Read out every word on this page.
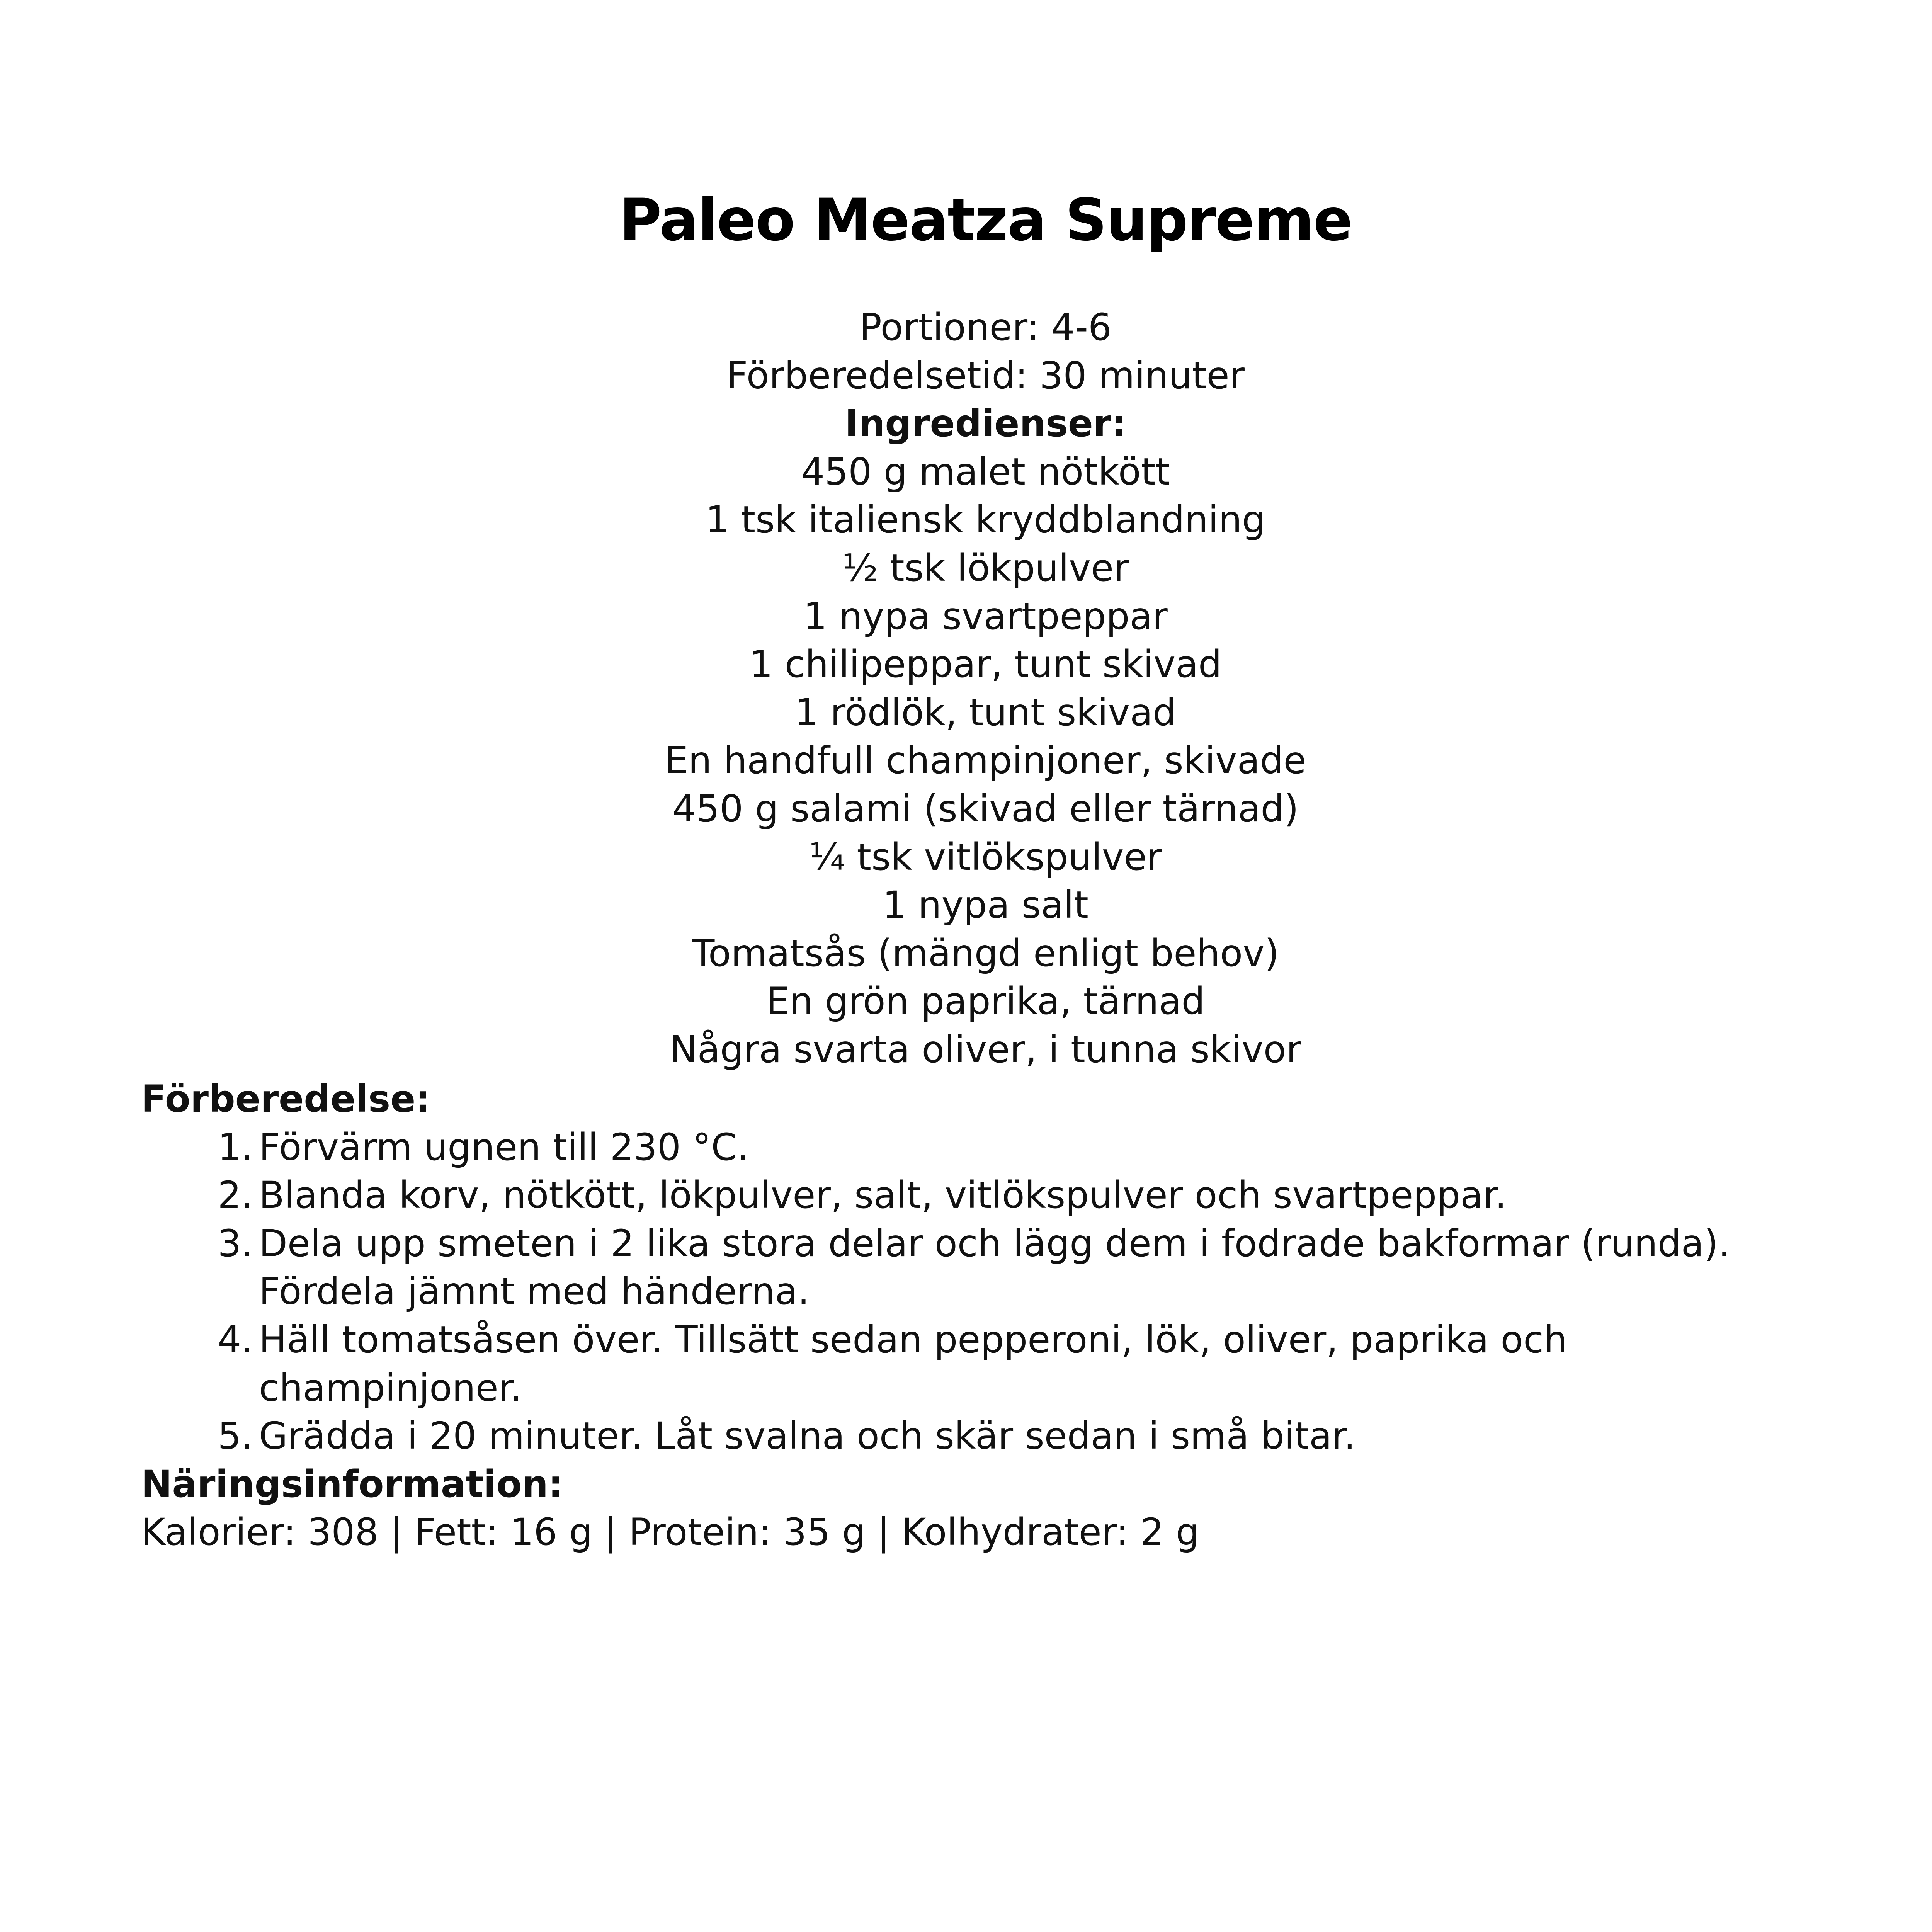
Paleo Meatza Supreme
Portioner: 4-6
Förberedelsetid: 30 minuter
Ingredienser:
450 g malet nötkött
1 tsk italiensk kryddblandning
½ tsk lökpulver
1 nypa svartpeppar
1 chilipeppar, tunt skivad
1 rödlök, tunt skivad
En handfull champinjoner, skivade
450 g salami (skivad eller tärnad)
¼ tsk vitlökspulver
1 nypa salt
Tomatsås (mängd enligt behov)
En grön paprika, tärnad
Några svarta oliver, i tunna skivor
Förberedelse:
1. Förvärm ugnen till 230 °C.
2. Blanda korv, nötkött, lökpulver, salt, vitlökspulver och svartpeppar.
3. Dela upp smeten i 2 lika stora delar och lägg dem i fodrade bakformar (runda).
Fördela jämnt med händerna.
4. Häll tomatsåsen över. Tillsätt sedan pepperoni, lök, oliver, paprika och
champinjoner.
5. Grädda i 20 minuter. Låt svalna och skär sedan i små bitar.
Näringsinformation:
Kalorier: 308 | Fett: 16 g | Protein: 35 g | Kolhydrater: 2 g
